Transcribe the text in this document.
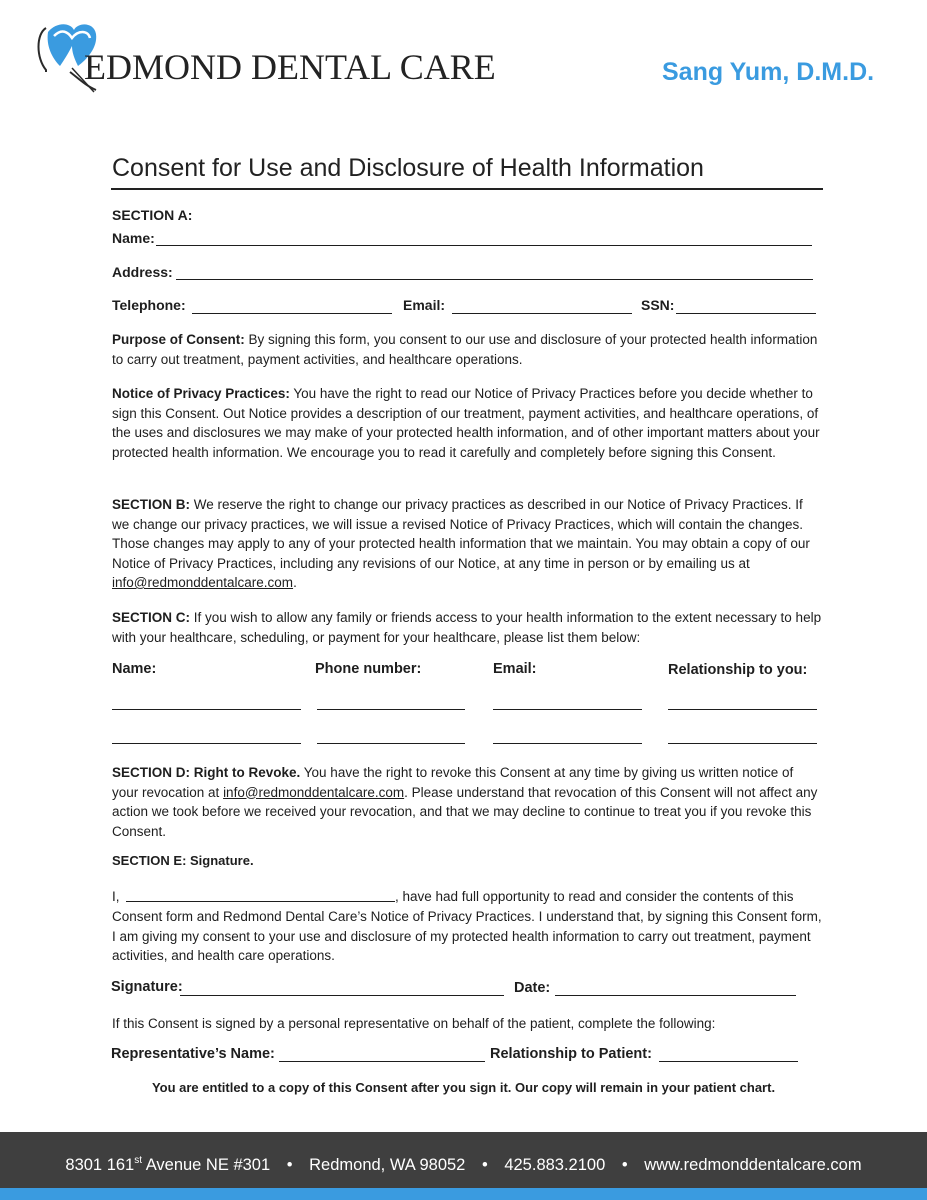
EDMOND DENTAL CARE	Sang Yum, D.M.D.
Consent for Use and Disclosure of Health Information
SECTION A:
Name:
Address:
Telephone:	Email:	SSN:
Purpose of Consent: By signing this form, you consent to our use and disclosure of your protected health information to carry out treatment, payment activities, and healthcare operations.
Notice of Privacy Practices: You have the right to read our Notice of Privacy Practices before you decide whether to sign this Consent. Out Notice provides a description of our treatment, payment activities, and healthcare operations, of the uses and disclosures we may make of your protected health information, and of other important matters about your protected health information. We encourage you to read it carefully and completely before signing this Consent.
SECTION B: We reserve the right to change our privacy practices as described in our Notice of Privacy Practices. If we change our privacy practices, we will issue a revised Notice of Privacy Practices, which will contain the changes. Those changes may apply to any of your protected health information that we maintain. You may obtain a copy of our Notice of Privacy Practices, including any revisions of our Notice, at any time in person or by emailing us at info@redmonddentalcare.com.
SECTION C: If you wish to allow any family or friends access to your health information to the extent necessary to help with your healthcare, scheduling, or payment for your healthcare, please list them below:
Name:	Phone number:	Email:	Relationship to you:
SECTION D: Right to Revoke. You have the right to revoke this Consent at any time by giving us written notice of your revocation at info@redmonddentalcare.com. Please understand that revocation of this Consent will not affect any action we took before we received your revocation, and that we may decline to continue to treat you if you revoke this Consent.
SECTION E: Signature.
I,	, have had full opportunity to read and consider the contents of this
Consent form and Redmond Dental Care’s Notice of Privacy Practices. I understand that, by signing this Consent form, I am giving my consent to your use and disclosure of my protected health information to carry out treatment, payment activities, and health care operations.
Signature:	Date:
If this Consent is signed by a personal representative on behalf of the patient, complete the following:
Representative’s Name:	Relationship to Patient:
You are entitled to a copy of this Consent after you sign it. Our copy will remain in your patient chart.
8301 161st Avenue NE #301 • Redmond, WA 98052 • 425.883.2100 • www.redmonddentalcare.com
